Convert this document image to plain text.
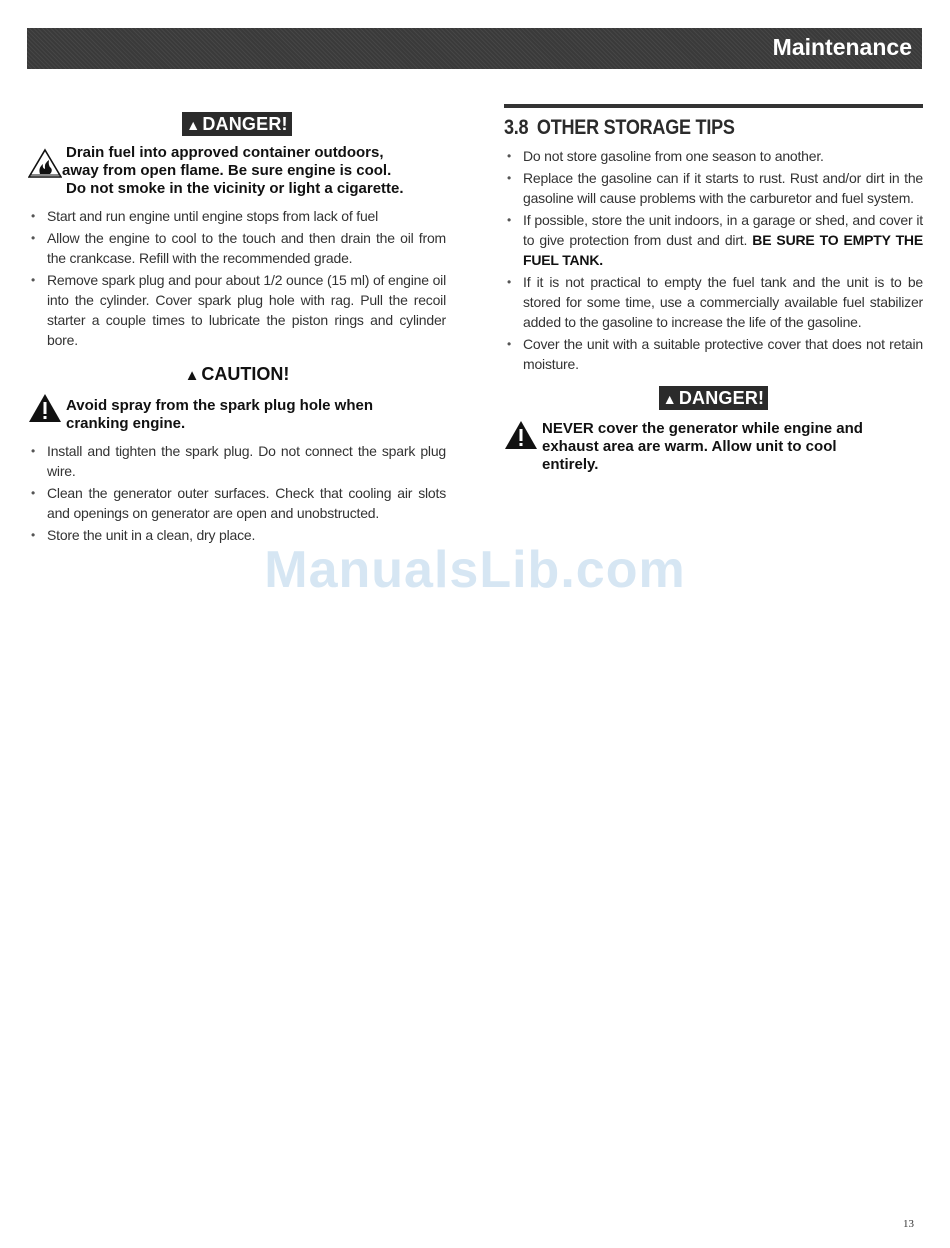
Maintenance
▲ DANGER!
Drain fuel into approved container outdoors,
away from open flame. Be sure engine is cool.
Do not smoke in the vicinity or light a cigarette.
• Start and run engine until engine stops from lack of fuel
• Allow the engine to cool to the touch and then drain the oil from the crankcase. Refill with the recommended grade.
• Remove spark plug and pour about 1/2 ounce (15 ml) of engine oil into the cylinder. Cover spark plug hole with rag. Pull the recoil starter a couple times to lubricate the piston rings and cylinder bore.
▲ CAUTION!
Avoid spray from the spark plug hole when
cranking engine.
• Install and tighten the spark plug. Do not connect the spark plug wire.
• Clean the generator outer surfaces. Check that cooling air slots and openings on generator are open and unobstructed.
• Store the unit in a clean, dry place.
3.8 OTHER STORAGE TIPS
• Do not store gasoline from one season to another.
• Replace the gasoline can if it starts to rust. Rust and/or dirt in the gasoline will cause problems with the carburetor and fuel system.
• If possible, store the unit indoors, in a garage or shed, and cover it to give protection from dust and dirt. BE SURE TO EMPTY THE FUEL TANK.
• If it is not practical to empty the fuel tank and the unit is to be stored for some time, use a commercially available fuel stabilizer added to the gasoline to increase the life of the gasoline.
• Cover the unit with a suitable protective cover that does not retain moisture.
▲ DANGER!
NEVER cover the generator while engine and
exhaust area are warm. Allow unit to cool
entirely.
ManualsLib.com
13
